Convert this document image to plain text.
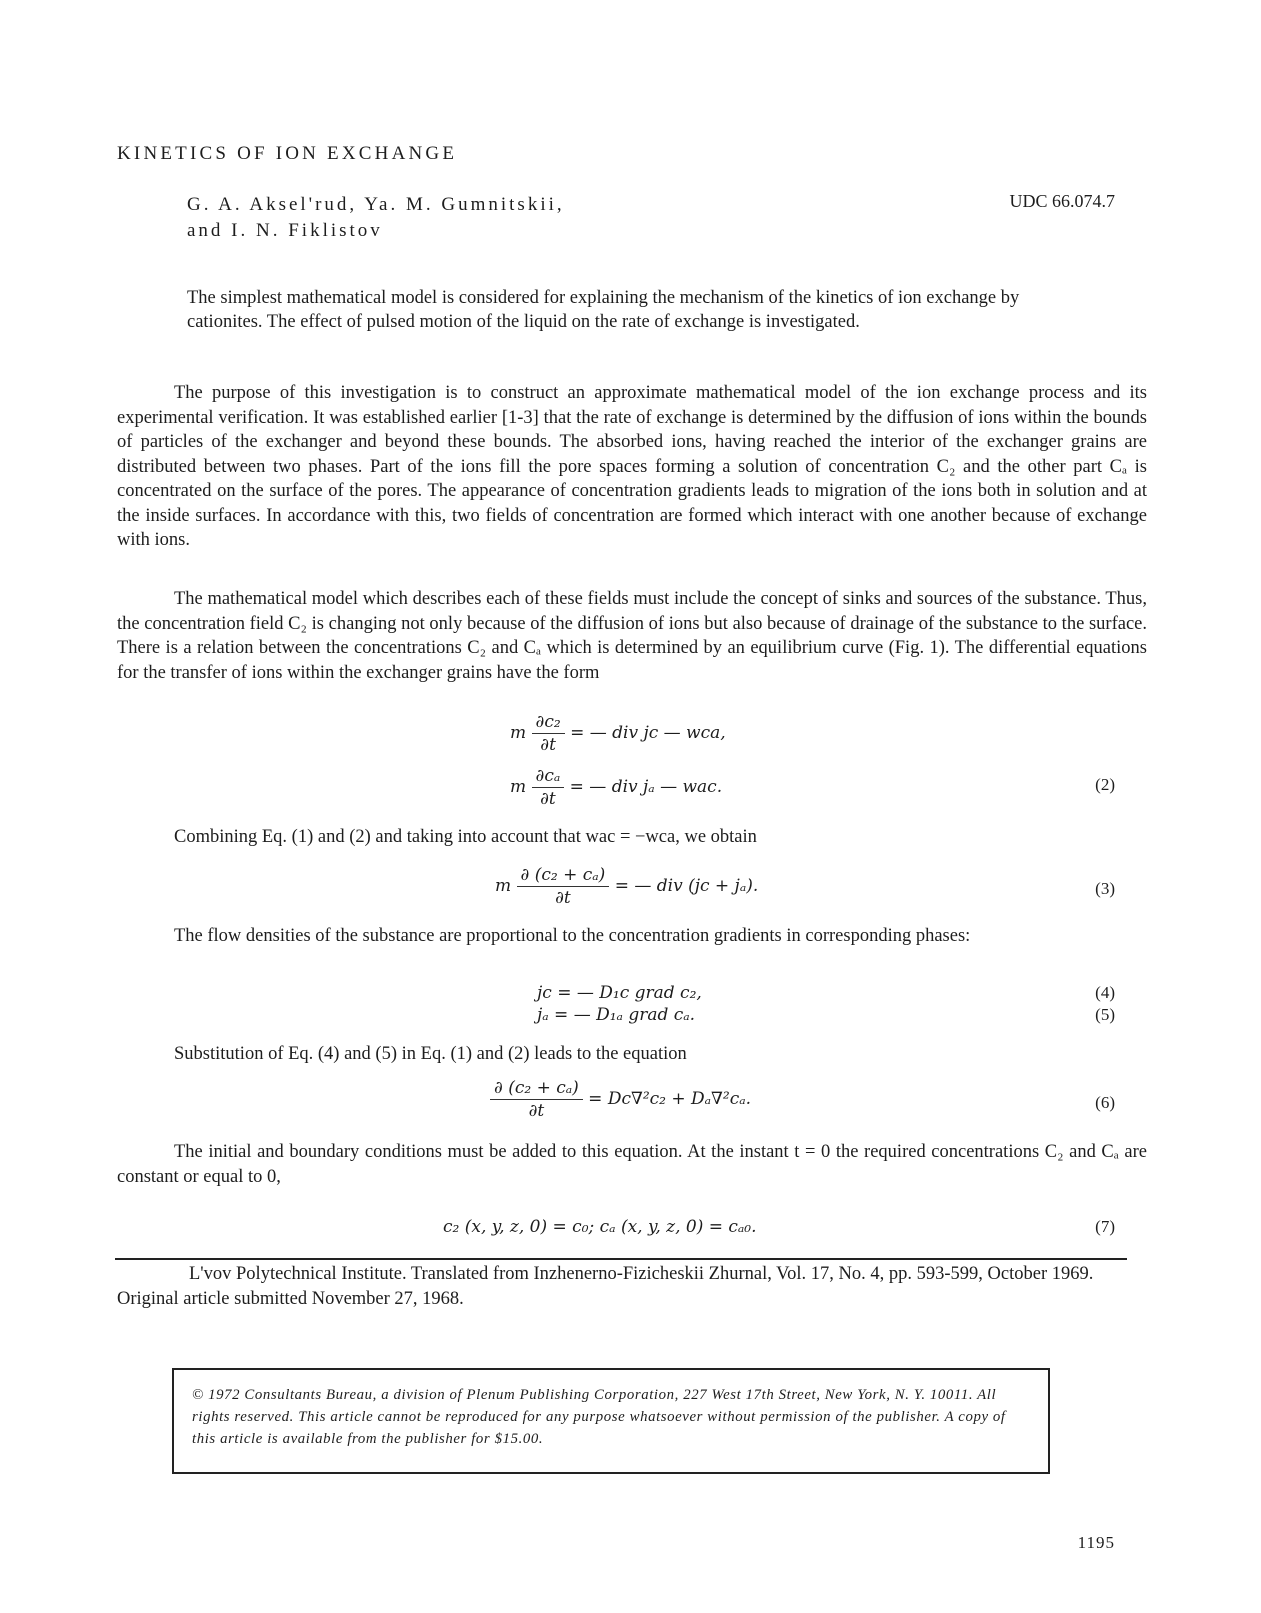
KINETICS OF ION EXCHANGE
G. A. Aksel'rud, Ya. M. Gumnitskii,
and I. N. Fiklistov
UDC 66.074.7
The simplest mathematical model is considered for explaining the mechanism of the kinetics of ion exchange by cationites. The effect of pulsed motion of the liquid on the rate of exchange is investigated.

The purpose of this investigation is to construct an approximate mathematical model of the ion exchange process and its experimental verification. It was established earlier [1-3] that the rate of exchange is determined by the diffusion of ions within the bounds of particles of the exchanger and beyond these bounds. The absorbed ions, having reached the interior of the exchanger grains are distributed between two phases. Part of the ions fill the pore spaces forming a solution of concentration C₂ and the other part Cₐ is concentrated on the surface of the pores. The appearance of concentration gradients leads to migration of the ions both in solution and at the inside surfaces. In accordance with this, two fields of concentration are formed which interact with one another because of exchange with ions.

The mathematical model which describes each of these fields must include the concept of sinks and sources of the substance. Thus, the concentration field C₂ is changing not only because of the diffusion of ions but also because of drainage of the substance to the surface. There is a relation between the concentrations C₂ and Cₐ which is determined by an equilibrium curve (Fig. 1). The differential equations for the transfer of ions within the exchanger grains have the form

m $\frac{\text{∂c₂}}{\partial t}$ = — div jc — wca,
m $\frac{\text{∂cₐ}}{\partial t}$ = — div jₐ — wac.	(2)
Combining Eq. (1) and (2) and taking into account that wac = −wca, we obtain
m $\frac{\text{∂ (c₂ + cₐ)}}{\partial t}$ = — div (jc + jₐ).	(3)

The flow densities of the substance are proportional to the concentration gradients in corresponding phases:

jc = — D₁c grad c₂,	(4)
jₐ = — D₁ₐ grad cₐ.	(5)
Substitution of Eq. (4) and (5) in Eq. (1) and (2) leads to the equation
$\frac{\text{∂ (c₂ + cₐ)}}{\partial t} = Dc\nabla^2c_2 + D_a\nabla^2c_a$.	(6)

The initial and boundary conditions must be added to this equation. At the instant t = 0 the required concentrations C₂ and Cₐ are constant or equal to 0,

c₂ (x, y, z, 0) = c₀; cₐ (x, y, z, 0) = cₐ₀.	(7)

L'vov Polytechnical Institute. Translated from Inzhenerno-Fizicheskii Zhurnal, Vol. 17, No. 4, pp. 593-599, October 1969. Original article submitted November 27, 1968.

© 1972 Consultants Bureau, a division of Plenum Publishing Corporation, 227 West 17th Street, New York, N. Y. 10011. All rights reserved. This article cannot be reproduced for any purpose whatsoever without permission of the publisher. A copy of this article is available from the publisher for $15.00.
1195
